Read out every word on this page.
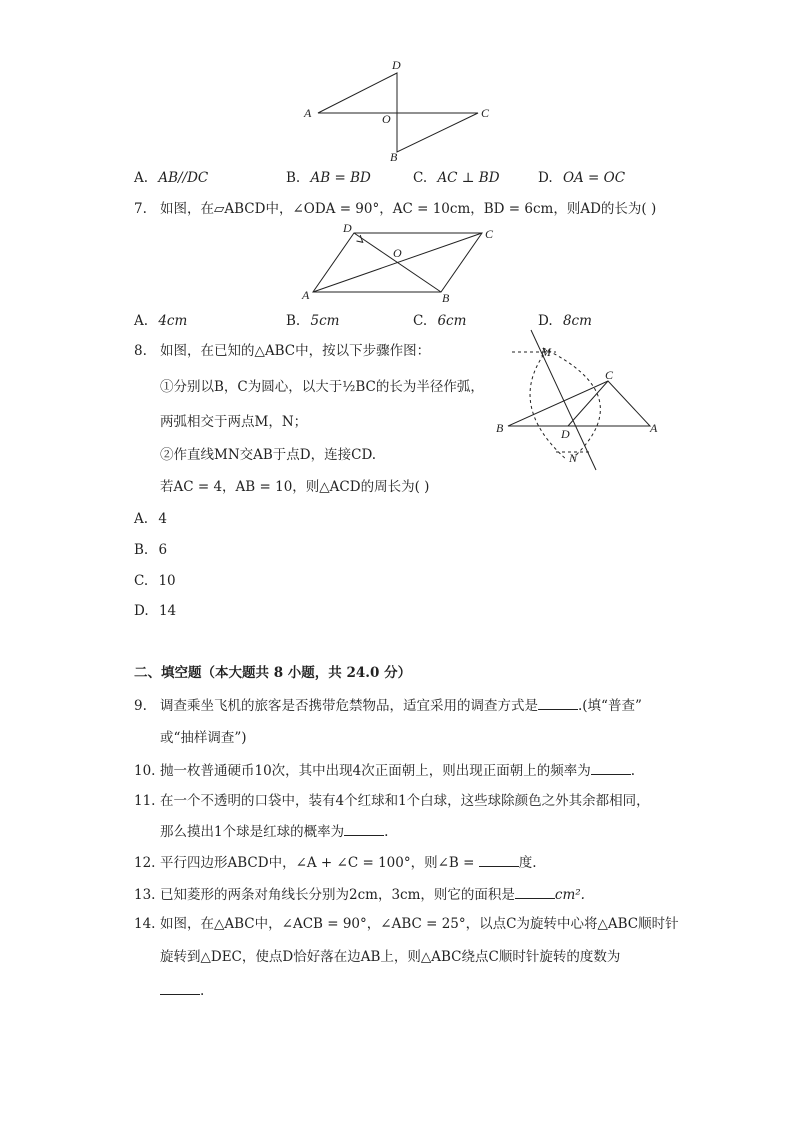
D
A	O	C
B
A. AB//DC	B. AB = BD	C. AC ⊥ BD	D. OA = OC
7. 如图，在▱ABCD中，∠ODA = 90°，AC = 10cm，BD = 6cm，则AD的长为( )
D	C
O
A	B
A. 4cm	B. 5cm	C. 6cm	D. 8cm
8. 如图，在已知的△ABC中，按以下步骤作图：
①分别以B，C为圆心，以大于½BC的长为半径作弧，
两弧相交于两点M，N；
②作直线MN交AB于点D，连接CD.
若AC = 4，AB = 10，则△ACD的周长为( )
M
C
B	D	A
N
A. 4
B. 6
C. 10
D. 14
二、填空题（本大题共 8 小题，共 24.0 分）
9. 调查乘坐飞机的旅客是否携带危禁物品，适宜采用的调查方式是	.(填“普查”
或“抽样调查”)
10. 抛一枚普通硬币10次，其中出现4次正面朝上，则出现正面朝上的频率为	.
11. 在一个不透明的口袋中，装有4个红球和1个白球，这些球除颜色之外其余都相同，
那么摸出1个球是红球的概率为	.
12. 平行四边形ABCD中，∠A + ∠C = 100°，则∠B =	度.
13. 已知菱形的两条对角线长分别为2cm，3cm，则它的面积是	cm².
14. 如图，在△ABC中，∠ACB = 90°，∠ABC = 25°，以点C为旋转中心将△ABC顺时针
旋转到△DEC，使点D恰好落在边AB上，则△ABC绕点C顺时针旋转的度数为
.
